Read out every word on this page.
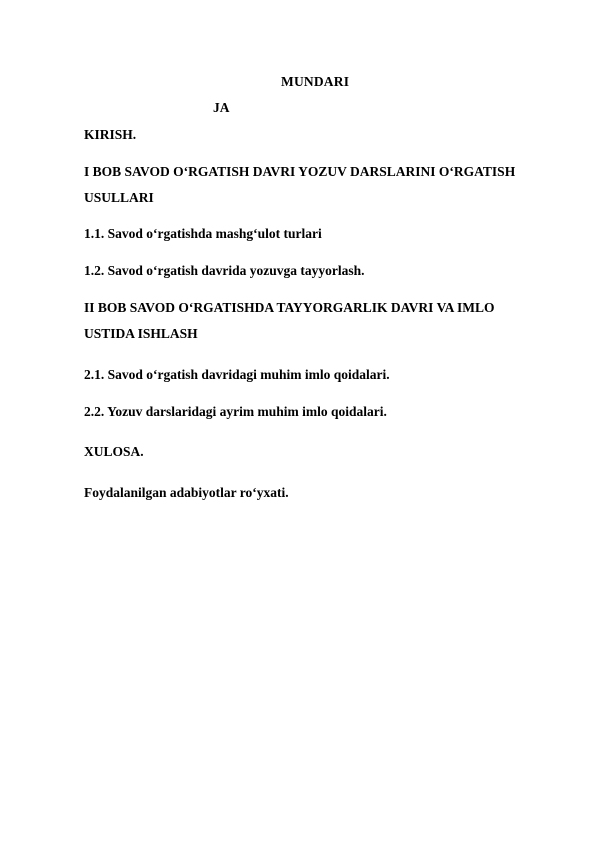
MUNDARI
JA
KIRISH.
I BOB SAVOD O‘RGATISH DAVRI YOZUV DARSLARINI O‘RGATISH
USULLARI
1.1. Savod o‘rgatishda mashg‘ulot turlari
1.2. Savod o‘rgatish davrida yozuvga tayyorlash.
II BOB SAVOD O‘RGATISHDA TAYYORGARLIK DAVRI VA IMLO
USTIDA ISHLASH
2.1. Savod o‘rgatish davridagi muhim imlo qoidalari.
2.2. Yozuv darslaridagi ayrim muhim imlo qoidalari.
XULOSA.
Foydalanilgan adabiyotlar ro‘yxati.
